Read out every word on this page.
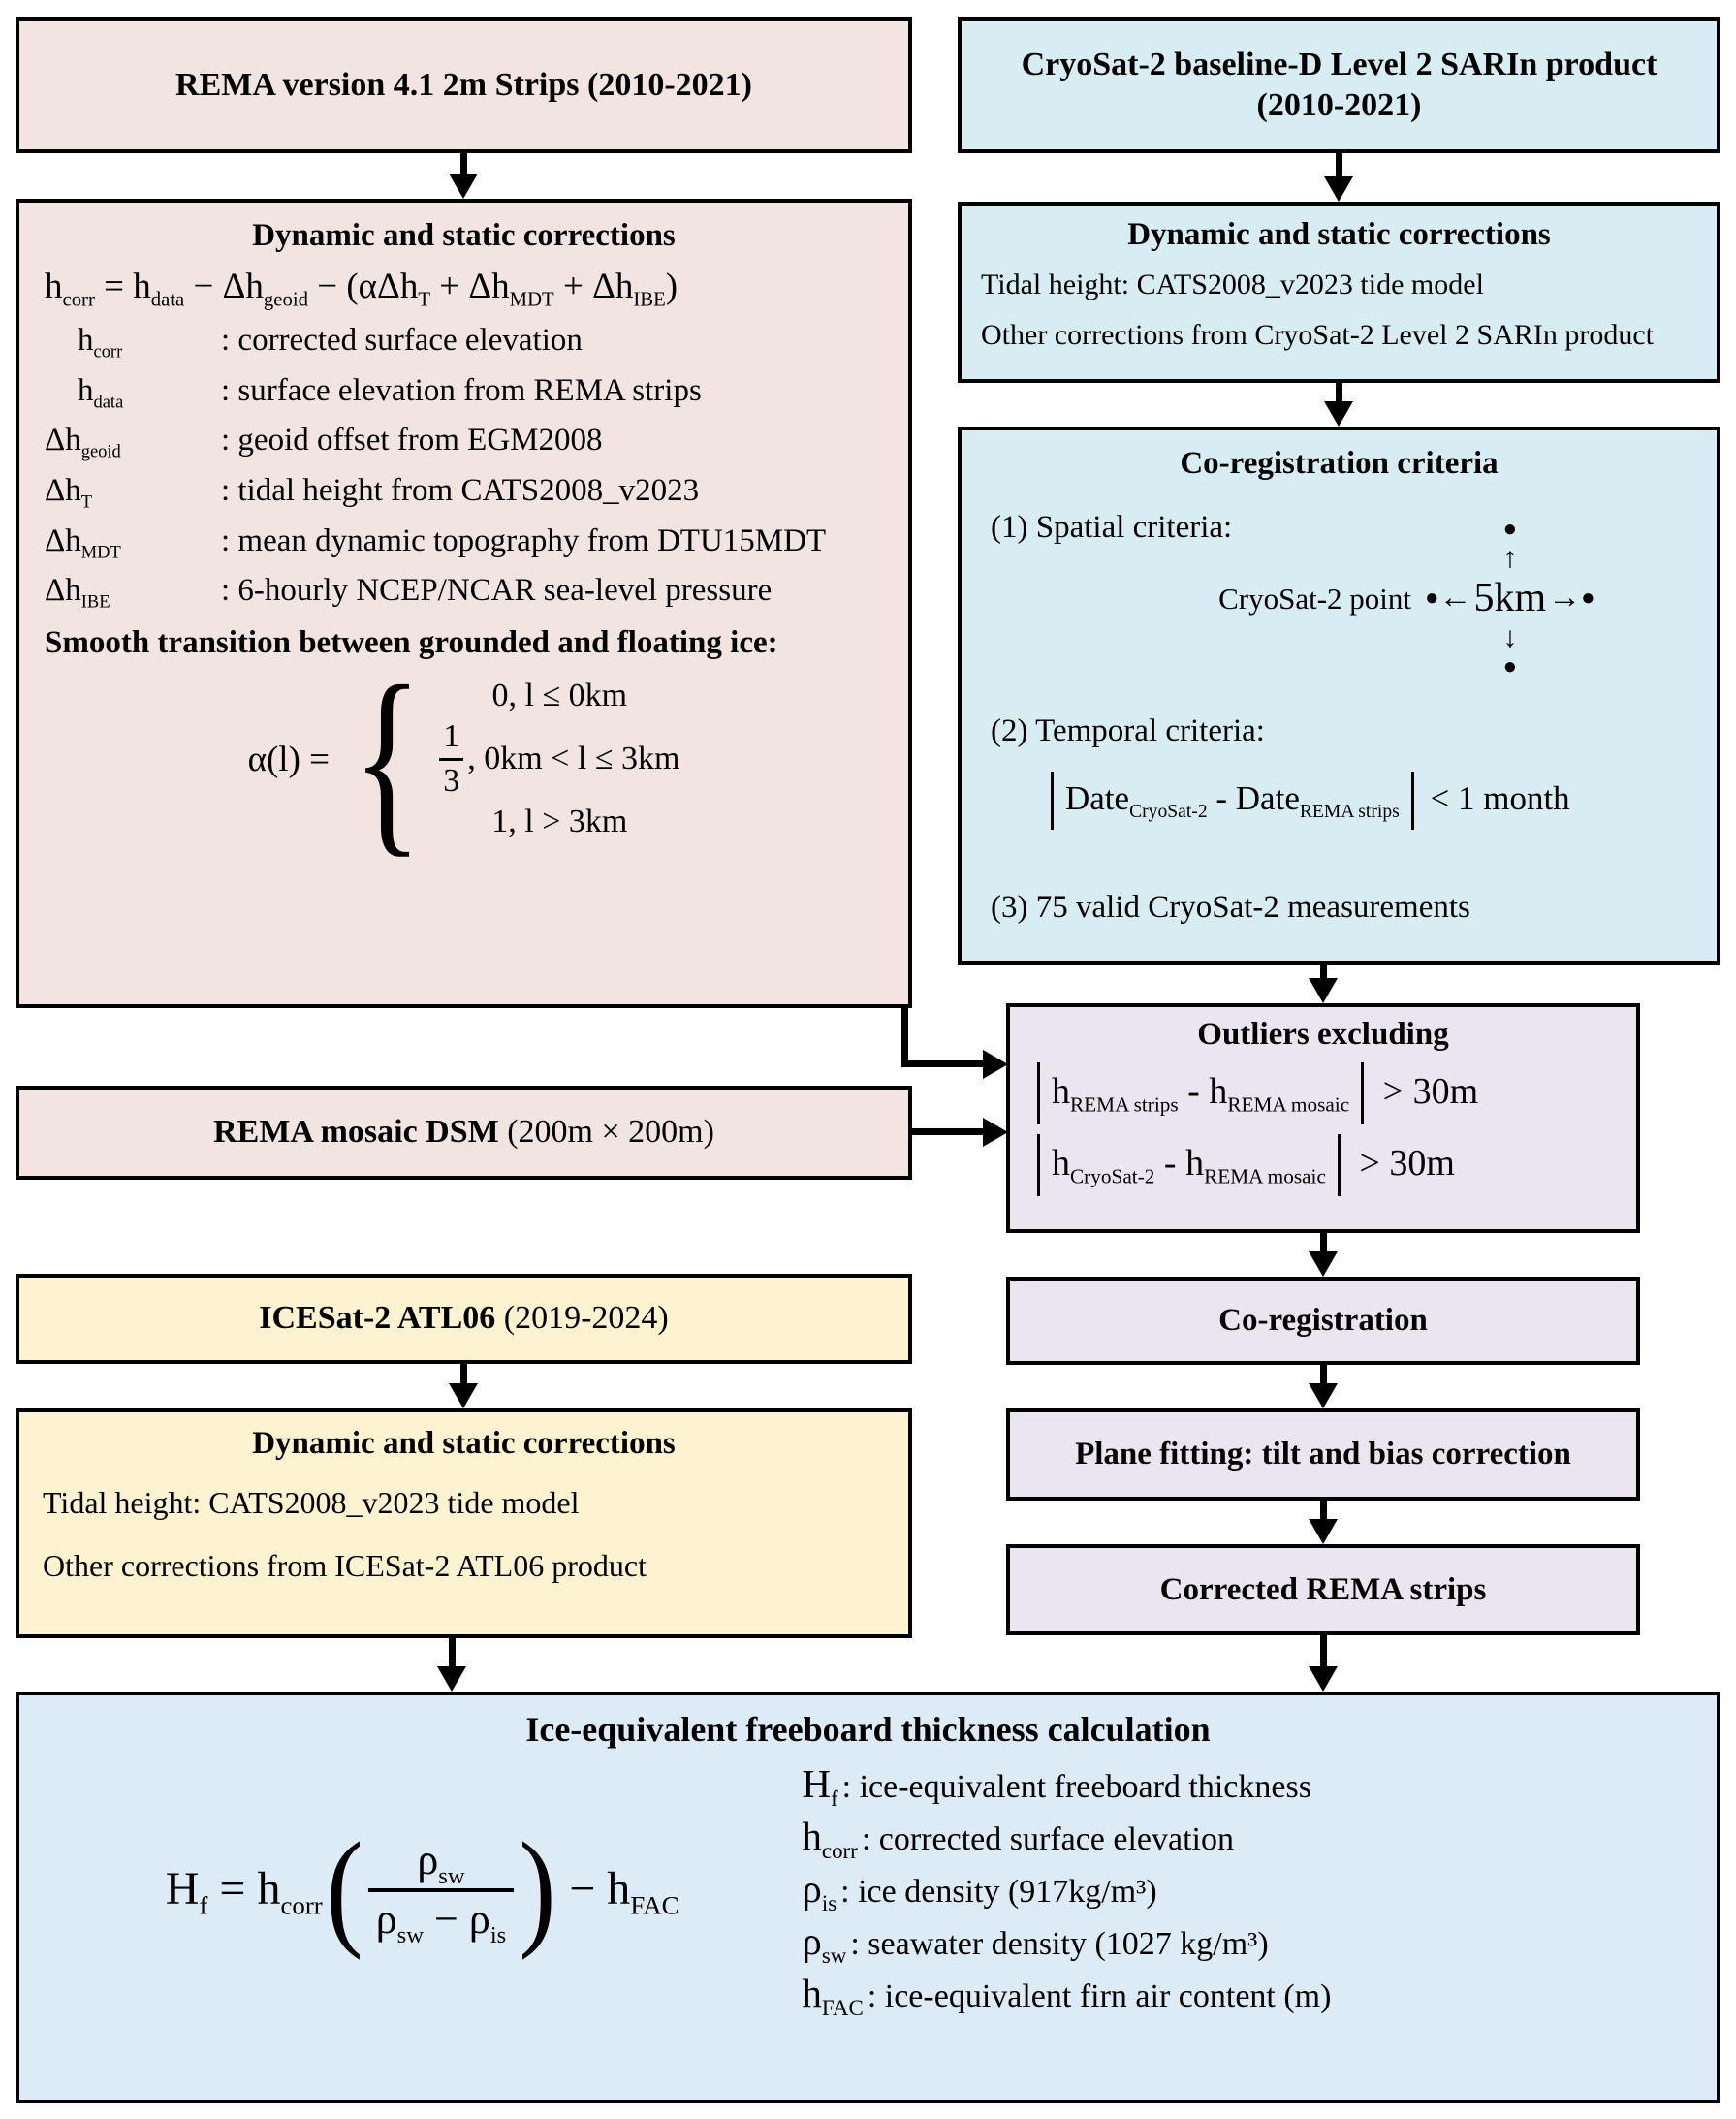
REMA version 4.1 2m Strips (2010-2021)
CryoSat-2 baseline-D Level 2 SARIn product
(2010-2021)
Dynamic and static corrections
$h_{corr} = h_{data} - \Delta h_{geoid} - (\alpha\Delta h_T + \Delta h_{MDT} + \Delta h_{IBE})$
$h_{corr}$	: corrected surface elevation
$h_{data}$	: surface elevation from REMA strips
$\Delta h_{geoid}$	: geoid offset from EGM2008
$\Delta h_T$	: tidal height from CATS2008_v2023
$\Delta h_{MDT}$	: mean dynamic topography from DTU15MDT
$\Delta h_{IBE}$	: 6-hourly NCEP/NCAR sea-level pressure
Smooth transition between grounded and floating ice:
α(l) = { 0, l ≤ 0km
$\frac{1}{3}$ , 0km < l ≤ 3km
1, l > 3km
Dynamic and static corrections
Tidal height: CATS2008_v2023 tide model
Other corrections from CryoSat-2 Level 2 SARIn product
Co-registration criteria
(1) Spatial criteria:	●
↑
CryoSat-2 point ● ← 5km → ●
↓
●
(2) Temporal criteria:
Date$_{CryoSat-2}$ - Date$_{REMA strips}$ < 1 month
(3) 75 valid CryoSat-2 measurements
Outliers excluding
$h_{REMA strips} - h_{REMA mosaic} > 30m$
$h_{CryoSat-2} - h_{REMA mosaic} > 30m$
REMA mosaic DSM (200m × 200m)
ICESat-2 ATL06 (2019-2024)
Dynamic and static corrections
Tidal height: CATS2008_v2023 tide model
Other corrections from ICESat-2 ATL06 product
Co-registration
Plane fitting: tilt and bias correction
Corrected REMA strips
Ice-equivalent freeboard thickness calculation
$H_f = h_{corr}$ ( $\frac{\rho_{sw}}{\rho_{sw} - \rho_{is}}$ ) − $h_{FAC}$
$H_f$ : ice-equivalent freeboard thickness
$h_{corr}$ : corrected surface elevation
$\rho_{is}$ : ice density (917kg/m³)
$\rho_{sw}$ : seawater density (1027 kg/m³)
$h_{FAC}$ : ice-equivalent firn air content (m)
